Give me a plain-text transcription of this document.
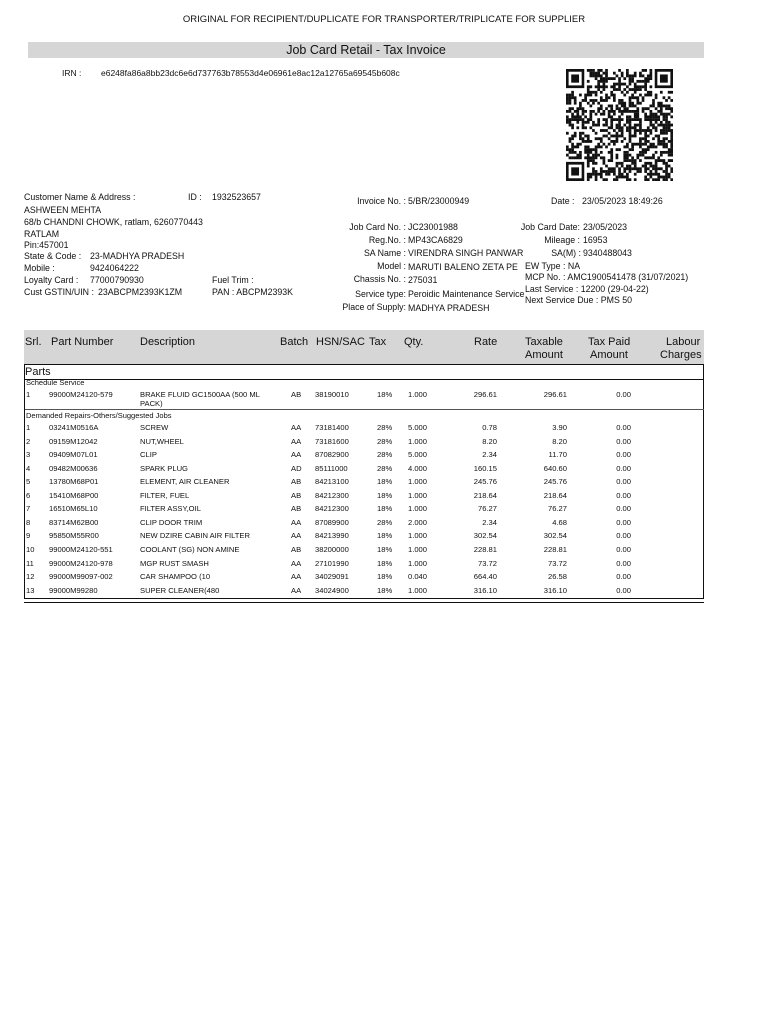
ORIGINAL FOR RECIPIENT/DUPLICATE FOR TRANSPORTER/TRIPLICATE FOR SUPPLIER
Job Card Retail - Tax Invoice
IRN : e6248fa86a8bb23dc6e6d737763b78553d4e06961e8ac12a12765a69545b608c
Customer Name & Address :	ID : 1932523657
ASHWEEN MEHTA
68/b CHANDNI CHOWK, ratlam, 6260770443
RATLAM
Pin:457001
State & Code : 23-MADHYA PRADESH
Mobile :	9424064222
Loyalty Card : 77000790930	Fuel Trim :
Cust GSTIN/UIN : 23ABCPM2393K1ZM	PAN : ABCPM2393K
Invoice No. : 5/BR/23000949	Date : 23/05/2023 18:49:26
Job Card No. : JC23001988	Job Card Date: 23/05/2023
Reg.No. : MP43CA6829	Mileage : 16953
SA Name : VIRENDRA SINGH PANWAR	SA(M) : 9340488043
Model : MARUTI BALENO ZETA PE EW Type : NA
Chassis No. : 275031	MCP No. : AMC1900541478 (31/07/2021)
Service type: Peroidic Maintenance Service Last Service : 12200 (29-04-22)
Next Service Due : PMS 50
Place of Supply: MADHYA PRADESH
Srl. Part Number Description	Batch HSN/SAC Tax Qty.	Rate	Taxable
Amount
Tax Paid
Amount
Labour
Charges
Parts
Schedule Service
Demanded Repairs-Others/Suggested Jobs
1 99000M24120-579	BRAKE FLUID GC1500AA (500 ML	AB 38190010	18% 1.000	296.61	296.61	0.00
PACK)
1 03241M0516A	SCREW	AA 73181400	28% 5.000	0.78	3.90	0.00
2 09159M12042	NUT,WHEEL	AA 73181600	28% 1.000	8.20	8.20	0.00
3 09409M07L01	CLIP	AA 87082900	28% 5.000	2.34	11.70	0.00
4 09482M00636	SPARK PLUG	AD 85111000	28% 4.000	160.15	640.60	0.00
5 13780M68P01	ELEMENT, AIR CLEANER	AB 84213100	18% 1.000	245.76	245.76	0.00
6 15410M68P00	FILTER, FUEL	AB 84212300	18% 1.000	218.64	218.64	0.00
7 16510M65L10	FILTER ASSY,OIL	AB 84212300	18% 1.000	76.27	76.27	0.00
8 83714M62B00	CLIP DOOR TRIM	AA 87089900	28% 2.000	2.34	4.68	0.00
9 95850M55R00	NEW DZIRE CABIN AIR FILTER	AA 84213990	18% 1.000	302.54	302.54	0.00
10 99000M24120-551	COOLANT (SG) NON AMINE	AB 38200000	18% 1.000	228.81	228.81	0.00
11 99000M24120-978	MGP RUST SMASH	AA 27101990	18% 1.000	73.72	73.72	0.00
12 99000M99097-002	CAR SHAMPOO (10	AA 34029091	18% 0.040	664.40	26.58	0.00
13 99000M99280	SUPER CLEANER(480	AA 34024900	18% 1.000	316.10	316.10	0.00
